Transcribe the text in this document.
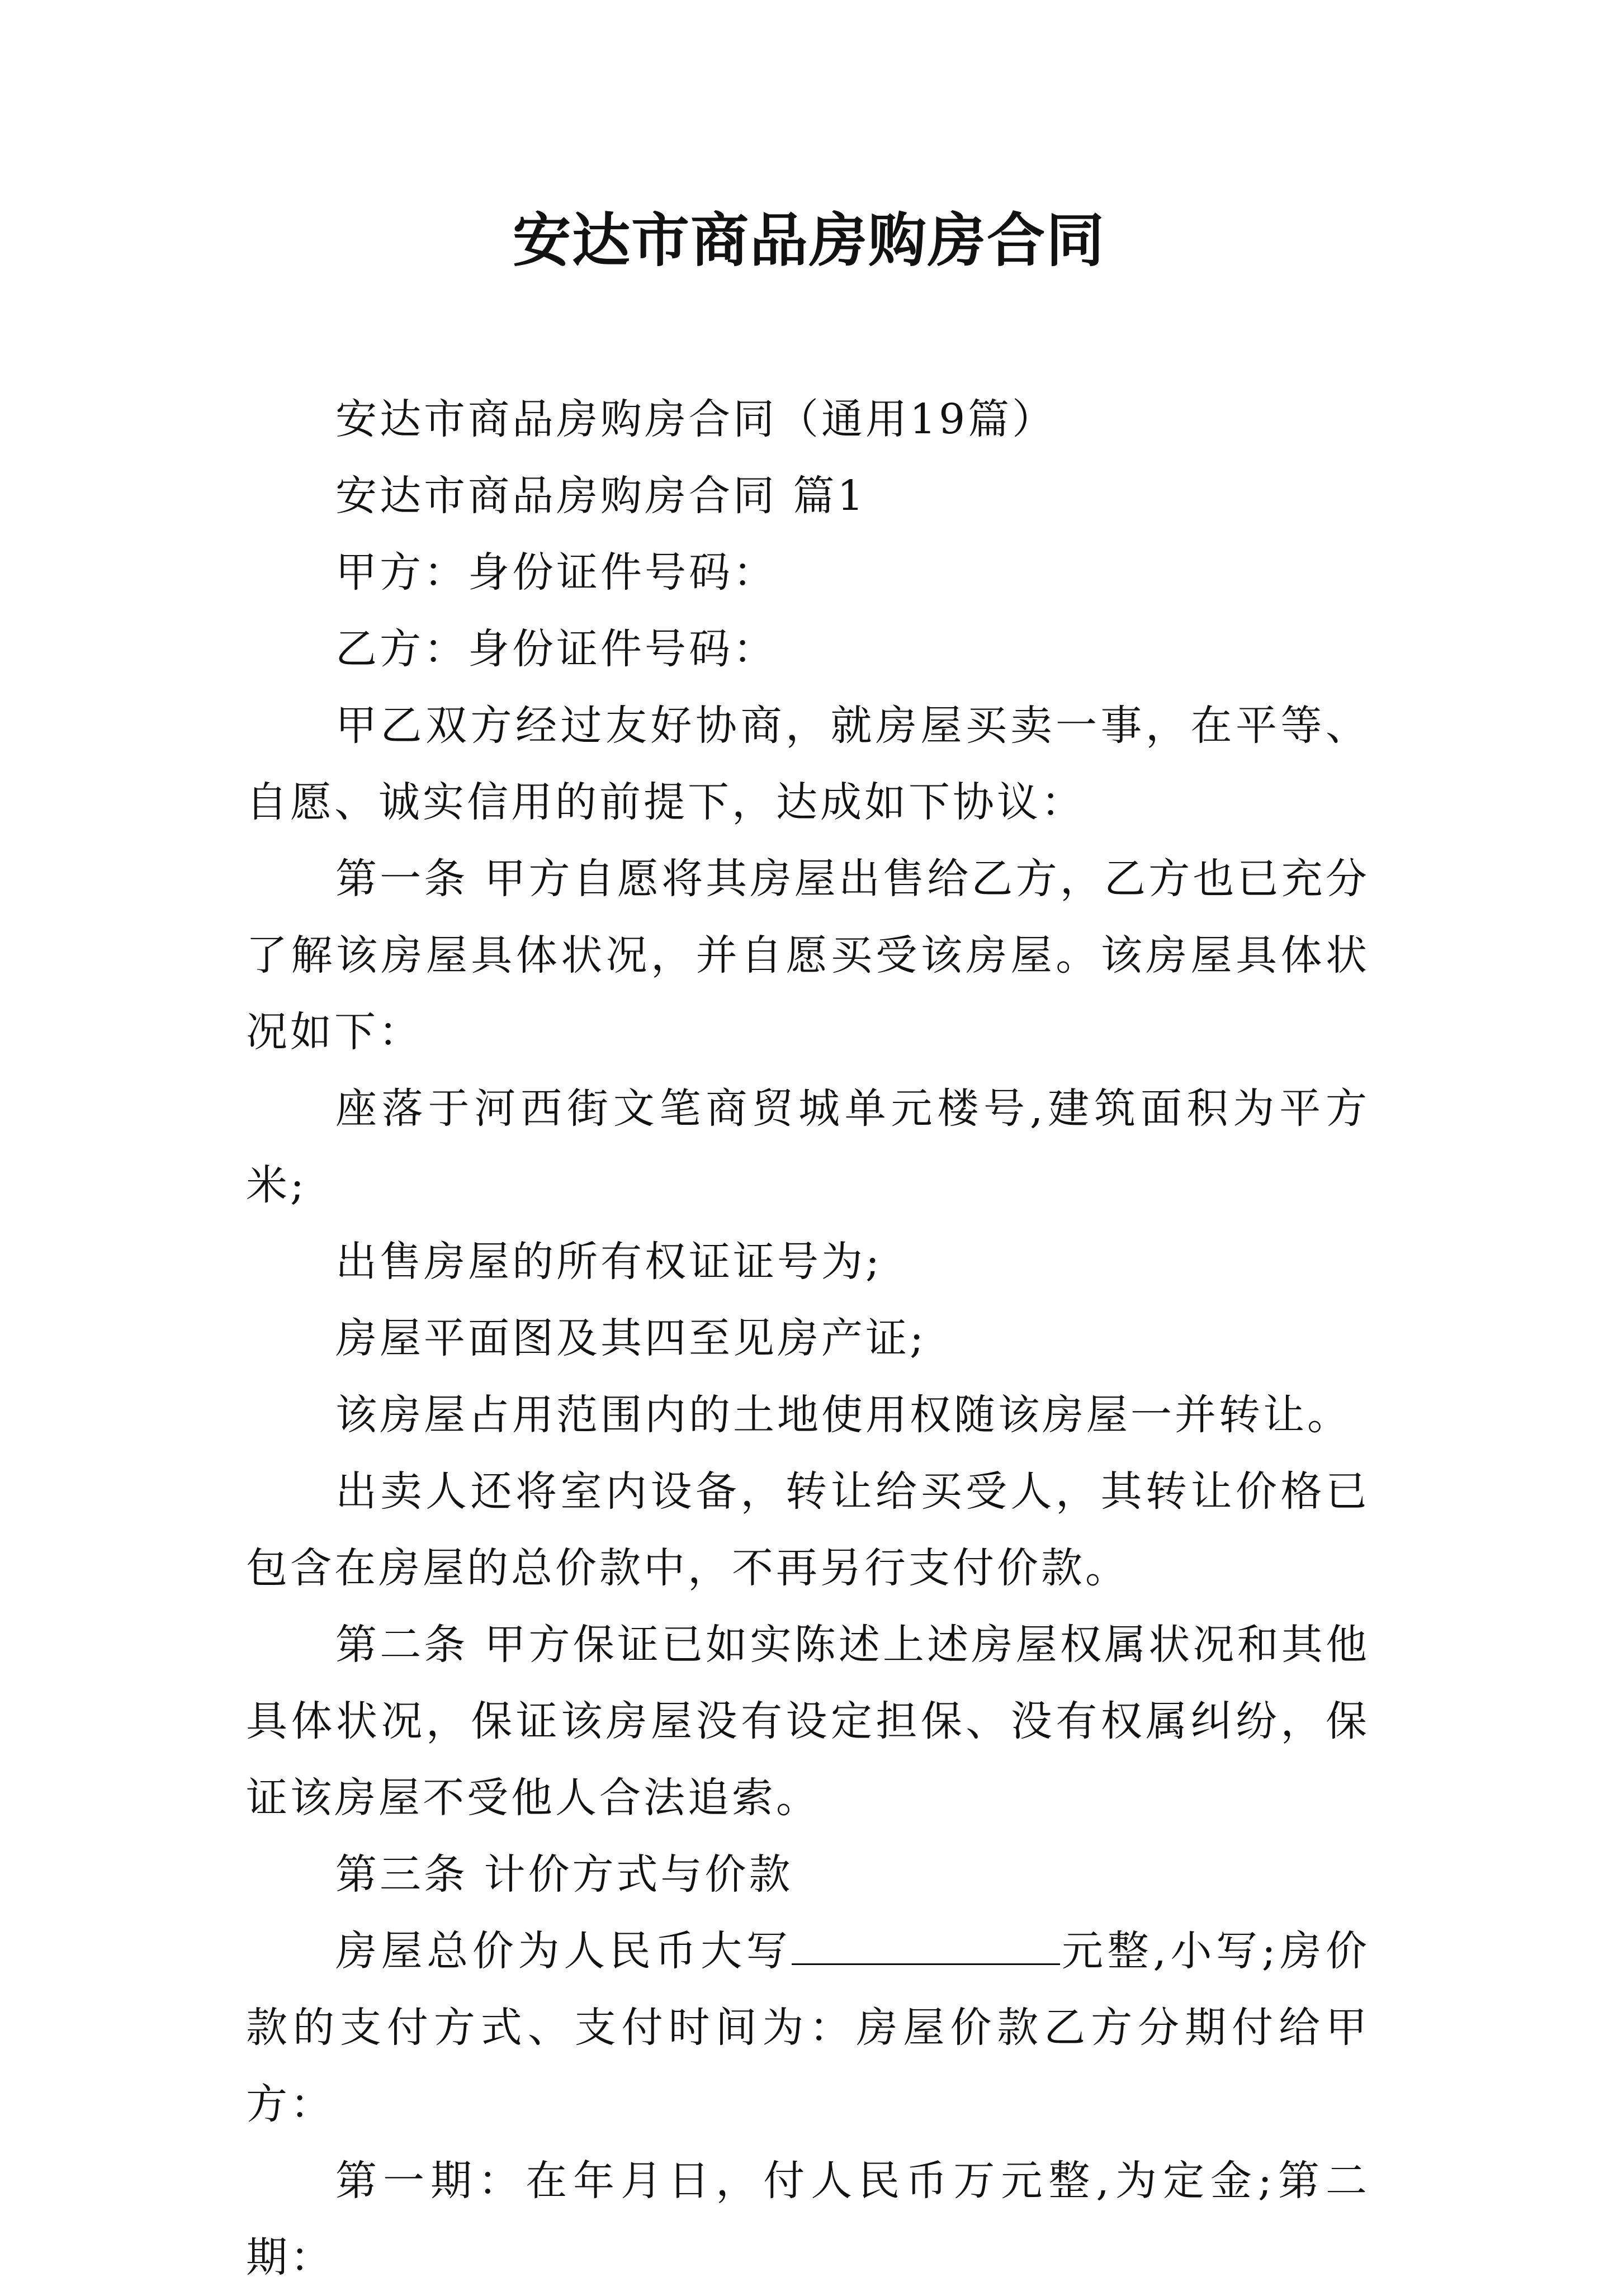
安达市商品房购房合同

安达市商品房购房合同（通用19篇）

安达市商品房购房合同 篇1

甲方：身份证件号码：

乙方：身份证件号码：

甲乙双方经过友好协商，就房屋买卖一事，在平等、自愿、诚实信用的前提下，达成如下协议：

第一条 甲方自愿将其房屋出售给乙方，乙方也已充分了解该房屋具体状况，并自愿买受该房屋。该房屋具体状况如下：

座落于河西街文笔商贸城单元楼号,建筑面积为平方米;

出售房屋的所有权证证号为;

房屋平面图及其四至见房产证;

该房屋占用范围内的土地使用权随该房屋一并转让。

出卖人还将室内设备，转让给买受人，其转让价格已包含在房屋的总价款中，不再另行支付价款。

第二条 甲方保证已如实陈述上述房屋权属状况和其他具体状况，保证该房屋没有设定担保、没有权属纠纷，保证该房屋不受他人合法追索。

第三条 计价方式与价款

房屋总价为人民币大写	元整,小写;房价款的支付方式、支付时间为：房屋价款乙方分期付给甲方：

第一期：在年月日，付人民币万元整,为定金;第二期：
